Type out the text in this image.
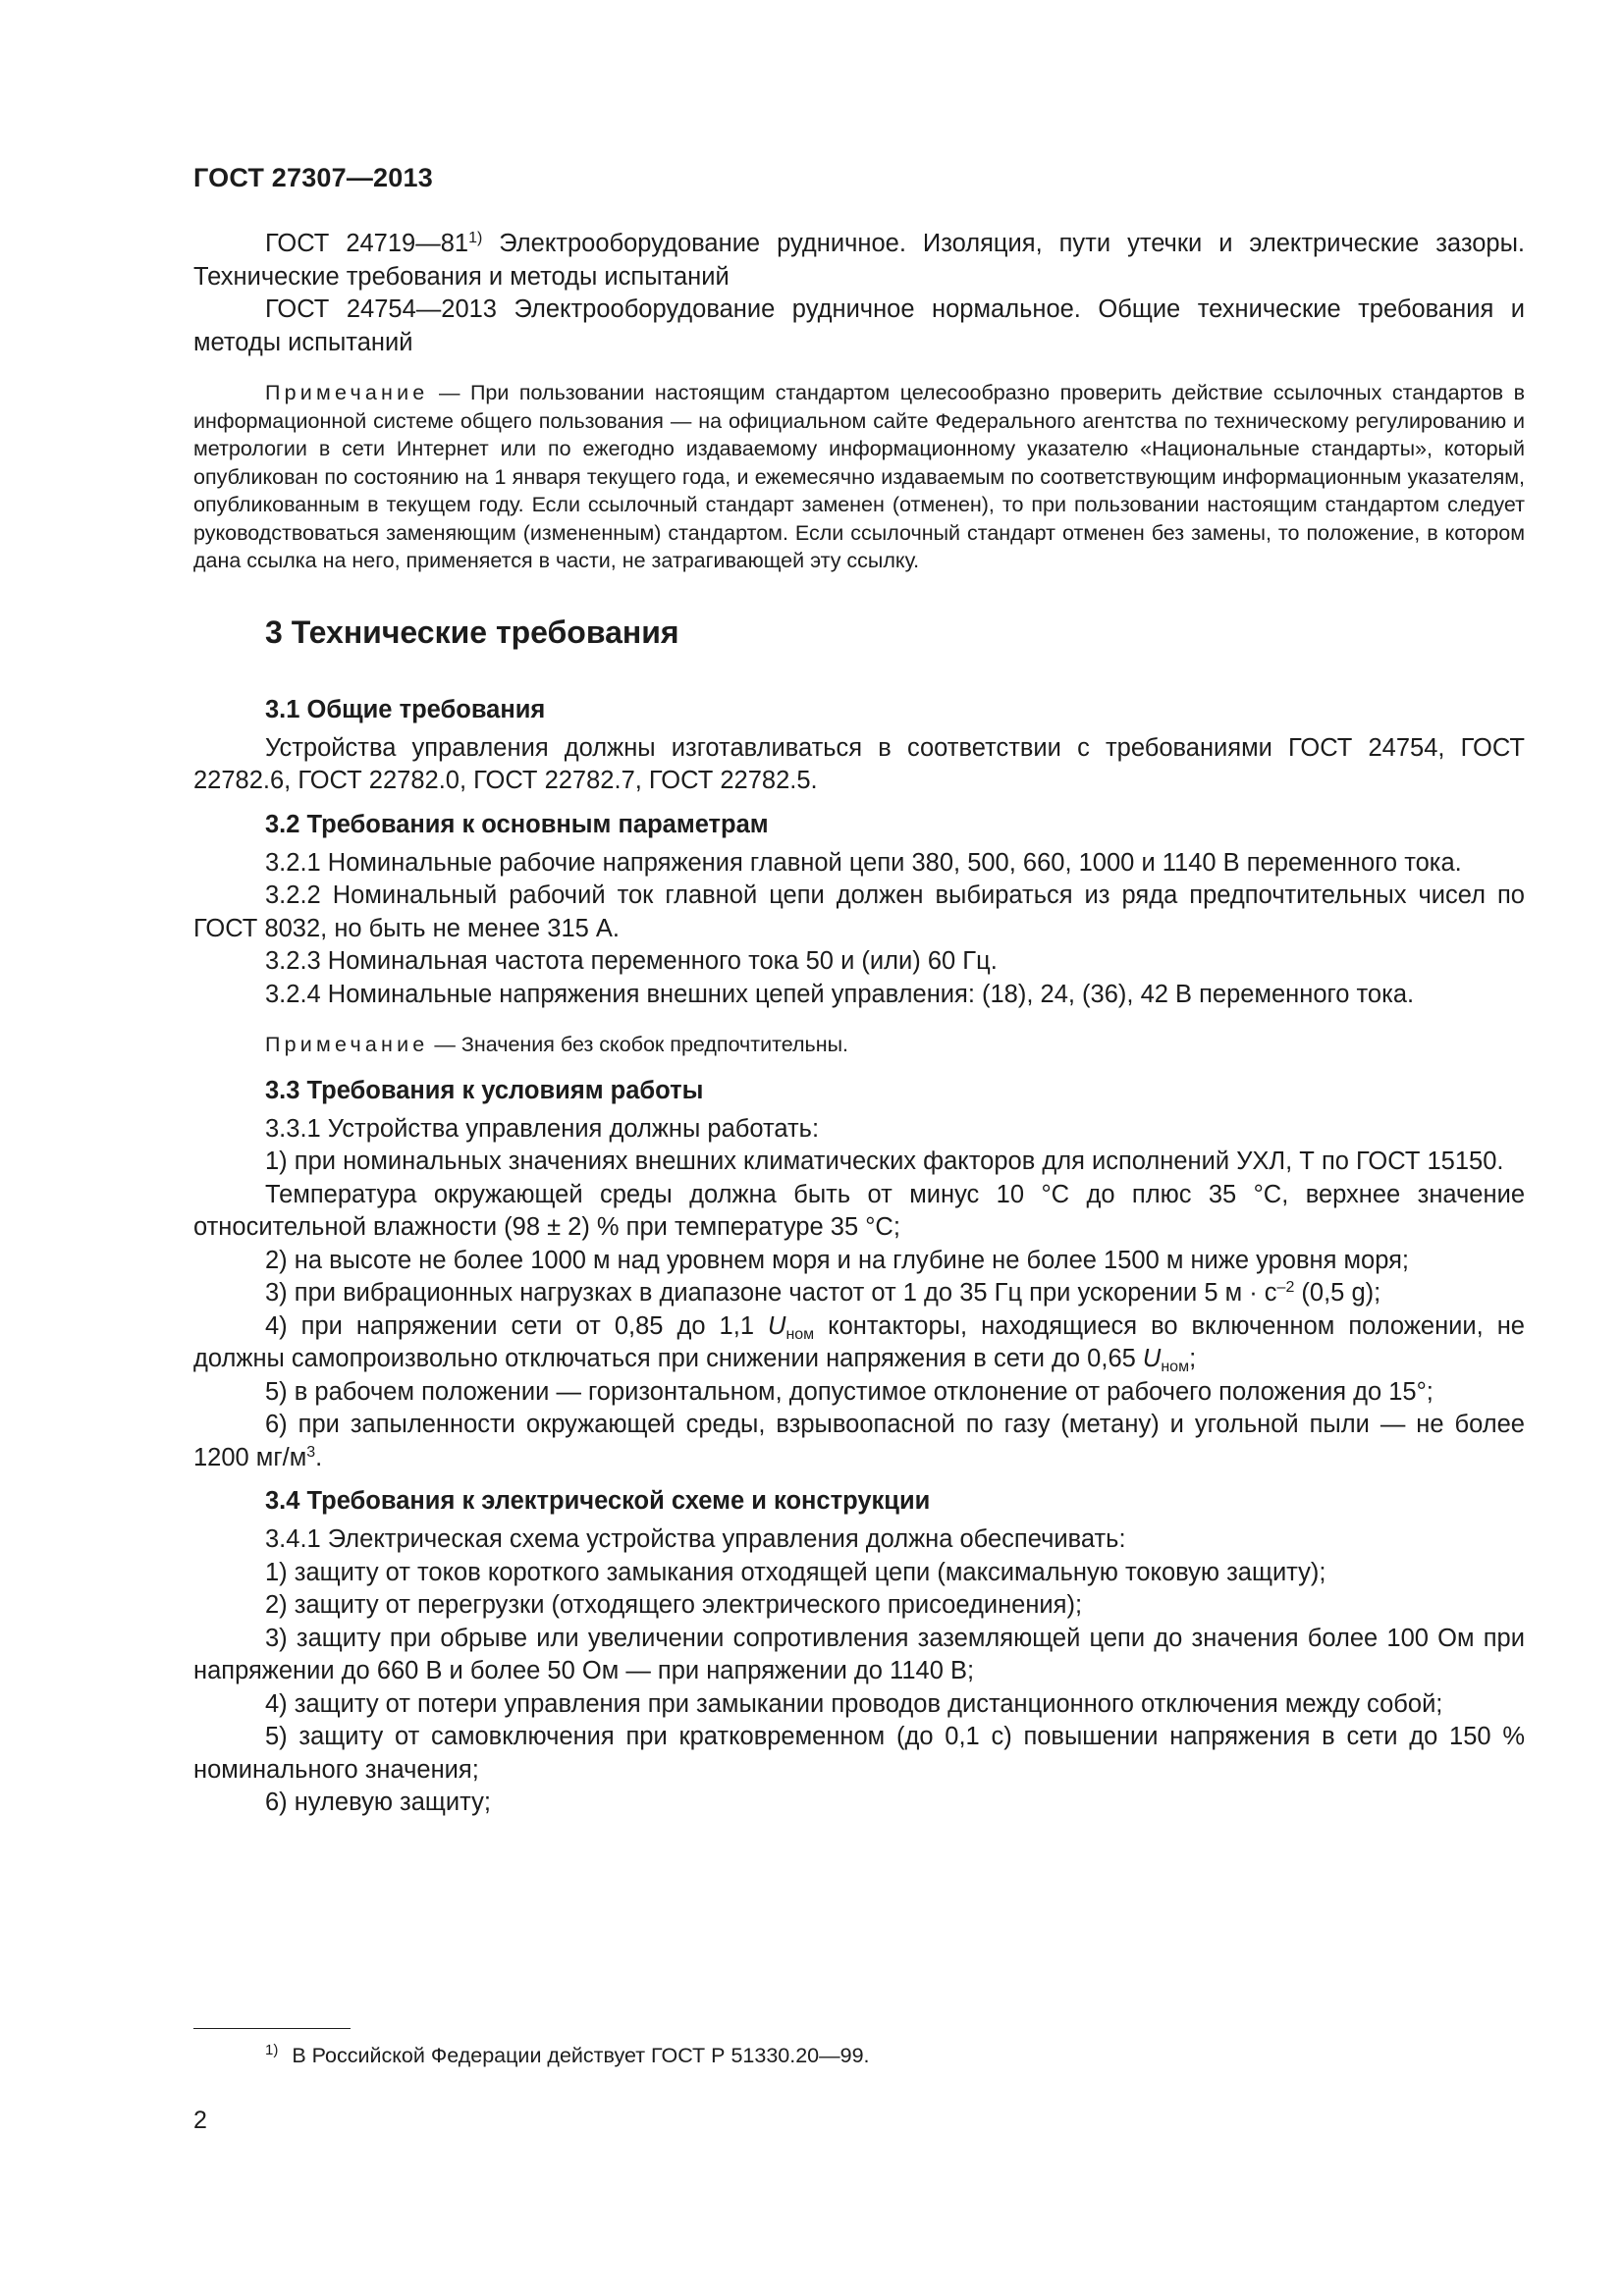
ГОСТ 27307—2013

ГОСТ 24719—81$^{1)}$ Электрооборудование рудничное. Изоляция, пути утечки и электрические зазоры. Технические требования и методы испытаний

ГОСТ 24754—2013 Электрооборудование рудничное нормальное. Общие технические требования и методы испытаний

Примечание — При пользовании настоящим стандартом целесообразно проверить действие ссылочных стандартов в информационной системе общего пользования — на официальном сайте Федерального агентства по техническому регулированию и метрологии в сети Интернет или по ежегодно издаваемому информационному указателю «Национальные стандарты», который опубликован по состоянию на 1 января текущего года, и ежемесячно издаваемым по соответствующим информационным указателям, опубликованным в текущем году. Если ссылочный стандарт заменен (отменен), то при пользовании настоящим стандартом следует руководствоваться заменяющим (измененным) стандартом. Если ссылочный стандарт отменен без замены, то положение, в котором дана ссылка на него, применяется в части, не затрагивающей эту ссылку.

3 Технические требования
3.1 Общие требования

Устройства управления должны изготавливаться в соответствии с требованиями ГОСТ 24754, ГОСТ 22782.6, ГОСТ 22782.0, ГОСТ 22782.7, ГОСТ 22782.5.

3.2 Требования к основным параметрам

3.2.1 Номинальные рабочие напряжения главной цепи 380, 500, 660, 1000 и 1140 В переменного тока.

3.2.2 Номинальный рабочий ток главной цепи должен выбираться из ряда предпочтительных чисел по ГОСТ 8032, но быть не менее 315 А.

3.2.3 Номинальная частота переменного тока 50 и (или) 60 Гц.

3.2.4 Номинальные напряжения внешних цепей управления: (18), 24, (36), 42 В переменного тока.

Примечание — Значения без скобок предпочтительны.

3.3 Требования к условиям работы

3.3.1 Устройства управления должны работать:

1) при номинальных значениях внешних климатических факторов для исполнений УХЛ, Т по ГОСТ 15150.

Температура окружающей среды должна быть от минус 10 °С до плюс 35 °С, верхнее значение относительной влажности (98 ± 2) % при температуре 35 °С;

2) на высоте не более 1000 м над уровнем моря и на глубине не более 1500 м ниже уровня моря;

3) при вибрационных нагрузках в диапазоне частот от 1 до 35 Гц при ускорении 5 $м \cdot с^{-2}$ (0,5 g);

4) при напряжении сети от 0,85 до 1,1 $U_{ном}$ контакторы, находящиеся во включенном положении, не должны самопроизвольно отключаться при снижении напряжения в сети до 0,65 $U_{ном}$;

5) в рабочем положении — горизонтальном, допустимое отклонение от рабочего положения до 15°;

6) при запыленности окружающей среды, взрывоопасной по газу (метану) и угольной пыли — не более 1200 $мг/м^3$.

3.4 Требования к электрической схеме и конструкции

3.4.1 Электрическая схема устройства управления должна обеспечивать:

1) защиту от токов короткого замыкания отходящей цепи (максимальную токовую защиту);

2) защиту от перегрузки (отходящего электрического присоединения);

3) защиту при обрыве или увеличении сопротивления заземляющей цепи до значения более 100 Ом при напряжении до 660 В и более 50 Ом — при напряжении до 1140 В;

4) защиту от потери управления при замыкании проводов дистанционного отключения между собой;

5) защиту от самовключения при кратковременном (до 0,1 с) повышении напряжения в сети до 150 % номинального значения;

6) нулевую защиту;

$^{1)}$ В Российской Федерации действует ГОСТ Р 51330.20—99.
2
